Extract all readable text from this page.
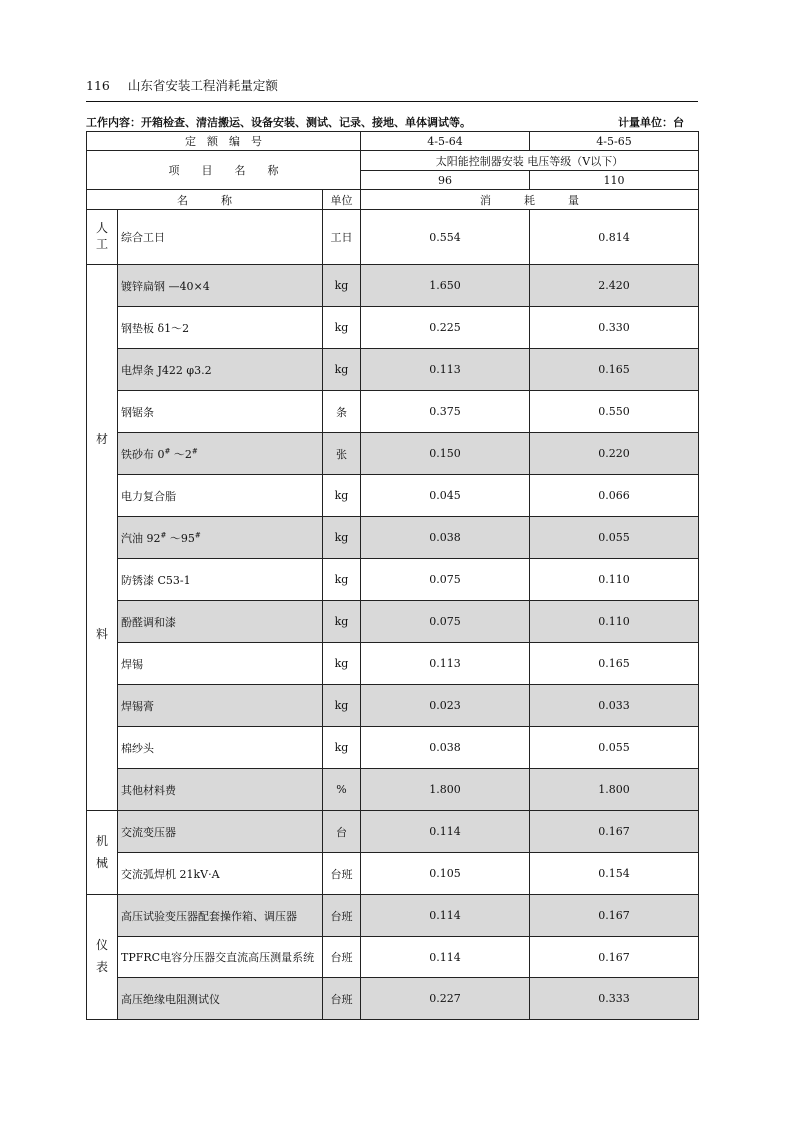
116 山东省安装工程消耗量定额
工作内容：开箱检查、清洁搬运、设备安装、测试、记录、接地、单体调试等。	计量单位：台
定　额　编　号			4-5-64	4-5-65
项　　目　　名　　称			太阳能控制器安装 电压等级（V以下）	
			96	110
名　　　称		单位	消　　　耗　　　量	
人工	综合工日	工日	0.554	0.814

材
料	镀锌扁钢 —40×4	kg	1.650	2.420
	钢垫板 δ1～2	kg	0.225	0.330
	电焊条 J422 φ3.2	kg	0.113	0.165
	钢锯条	条	0.375	0.550
	铁砂布 0# ～2#	张	0.150	0.220
	电力复合脂	kg	0.045	0.066
	汽油 92# ～95#	kg	0.038	0.055
	防锈漆 C53-1	kg	0.075	0.110
	酚醛调和漆	kg	0.075	0.110
	焊锡	kg	0.113	0.165
	焊锡膏	kg	0.023	0.033
	棉纱头	kg	0.038	0.055
	其他材料费	%	1.800	1.800
机械	交流变压器	台	0.114	0.167
	交流弧焊机 21kV·A	台班	0.105	0.154
仪表	高压试验变压器配套操作箱、调压器	台班	0.114	0.167
	TPFRC电容分压器交直流高压测量系统	台班	0.114	0.167
	高压绝缘电阻测试仪	台班	0.227	0.333
